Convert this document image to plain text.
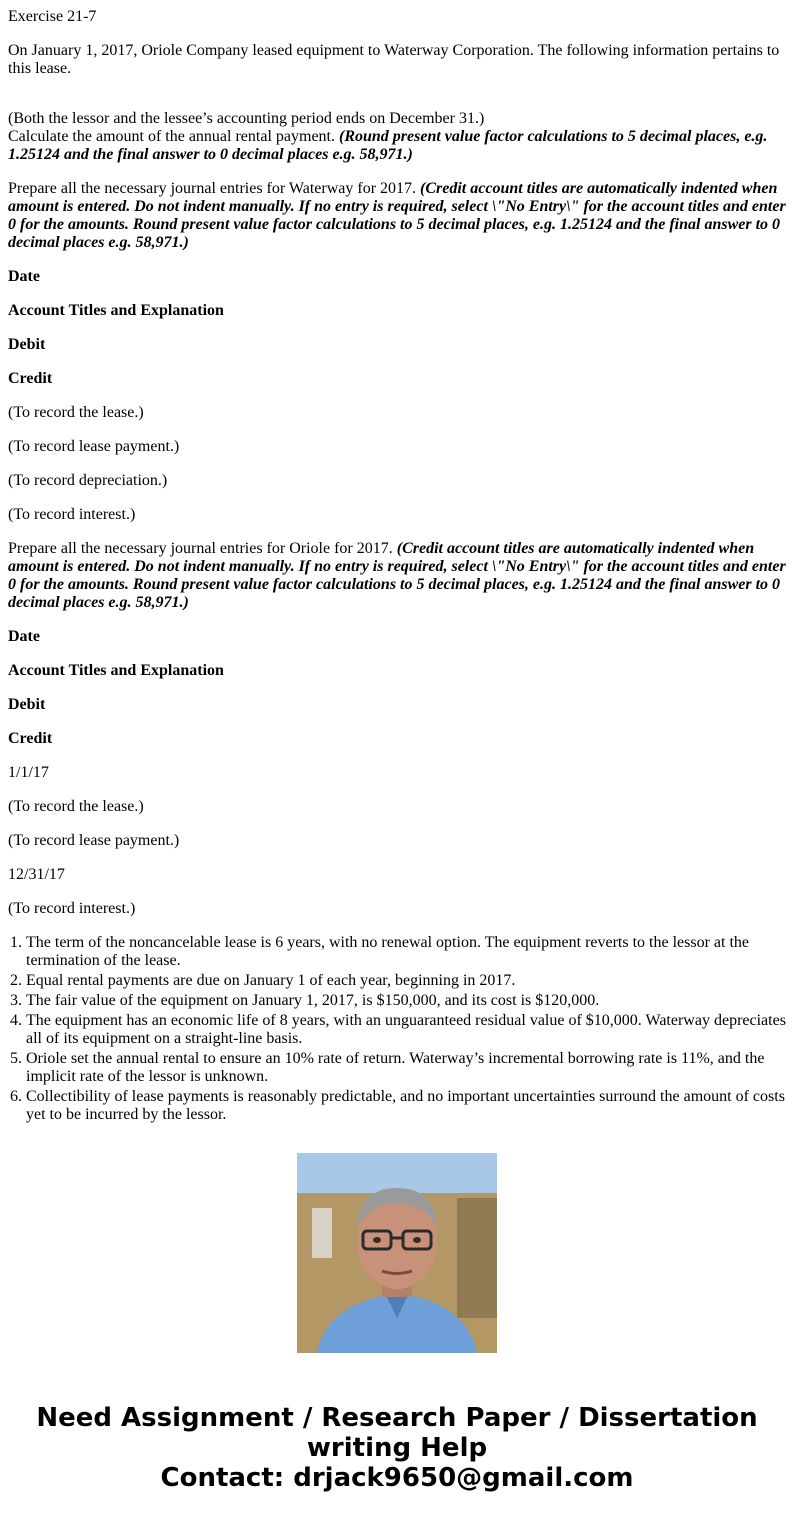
Exercise 21-7

On January 1, 2017, Oriole Company leased equipment to Waterway Corporation. The following information pertains to this lease.

(Both the lessor and the lessee’s accounting period ends on December 31.)

Calculate the amount of the annual rental payment. (Round present value factor calculations to 5 decimal places, e.g. 1.25124 and the final answer to 0 decimal places e.g. 58,971.)

Prepare all the necessary journal entries for Waterway for 2017. (Credit account titles are automatically indented when amount is entered. Do not indent manually. If no entry is required, select \"No Entry\" for the account titles and enter 0 for the amounts. Round present value factor calculations to 5 decimal places, e.g. 1.25124 and the final answer to 0 decimal places e.g. 58,971.)

Date

Account Titles and Explanation

Debit

Credit

(To record the lease.)

(To record lease payment.)

(To record depreciation.)

(To record interest.)

Prepare all the necessary journal entries for Oriole for 2017. (Credit account titles are automatically indented when amount is entered. Do not indent manually. If no entry is required, select \"No Entry\" for the account titles and enter 0 for the amounts. Round present value factor calculations to 5 decimal places, e.g. 1.25124 and the final answer to 0 decimal places e.g. 58,971.)

Date

Account Titles and Explanation

Debit

Credit

1/1/17

(To record the lease.)

(To record lease payment.)

12/31/17

(To record interest.)

1. The term of the noncancelable lease is 6 years, with no renewal option. The equipment reverts to the lessor at the termination of the lease.
2. Equal rental payments are due on January 1 of each year, beginning in 2017.
3. The fair value of the equipment on January 1, 2017, is $150,000, and its cost is $120,000.
4. The equipment has an economic life of 8 years, with an unguaranteed residual value of $10,000. Waterway depreciates all of its equipment on a straight-line basis.
5. Oriole set the annual rental to ensure an 10% rate of return. Waterway’s incremental borrowing rate is 11%, and the implicit rate of the lessor is unknown.
6. Collectibility of lease payments is reasonably predictable, and no important uncertainties surround the amount of costs yet to be incurred by the lessor.
Need Assignment / Research Paper / Dissertation
writing Help
Contact: drjack9650@gmail.com
